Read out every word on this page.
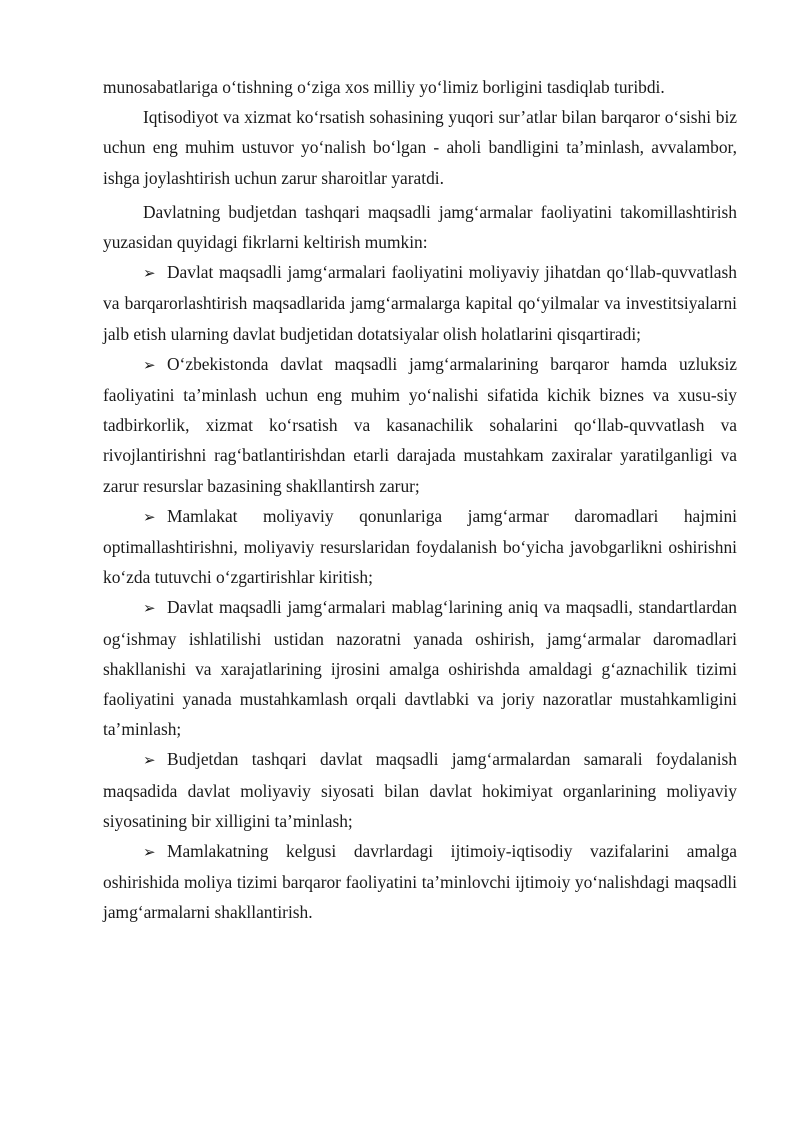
munosabatlariga o‘tishning o‘ziga xos milliy yo‘limiz borligini tasdiqlab turibdi.

Iqtisodiyot va xizmat ko‘rsatish sohasining yuqori sur’atlar bilan barqaror o‘sishi biz uchun eng muhim ustuvor yo‘nalish bo‘lgan - aholi bandligini ta’minlash, avvalambor, ishga joylashtirish uchun zarur sharoitlar yaratdi.

Davlatning budjetdan tashqari maqsadli jamg‘armalar faoliyatini takomillashtirish yuzasidan quyidagi fikrlarni keltirish mumkin:

➢ Davlat maqsadli jamg‘armalari faoliyatini moliyaviy jihatdan qo‘llab-quvvatlash va barqarorlashtirish maqsadlarida jamg‘armalarga kapital qo‘yilmalar va investitsiyalarni jalb etish ularning davlat budjetidan dotatsiyalar olish holatlarini qisqartiradi;

➢ O‘zbekistonda davlat maqsadli jamg‘armalarining barqaror hamda uzluksiz faoliyatini ta’minlash uchun eng muhim yo‘nalishi sifatida kichik biznes va xusu-siy tadbirkorlik, xizmat ko‘rsatish va kasanachilik sohalarini qo‘llab-quvvatlash va rivojlantirishni rag‘batlantirishdan etarli darajada mustahkam zaxiralar yaratilganligi va zarur resurslar bazasining shakllantirsh zarur;

➢ Mamlakat moliyaviy qonunlariga jamg‘armar daromadlari hajmini optimallashtirishni, moliyaviy resurslaridan foydalanish bo‘yicha javobgarlikni oshirishni ko‘zda tutuvchi o‘zgartirishlar kiritish;

➢ Davlat maqsadli jamg‘armalari mablag‘larining aniq va maqsadli, standartlardan og‘ishmay ishlatilishi ustidan nazoratni yanada oshirish, jamg‘armalar daromadlari shakllanishi va xarajatlarining ijrosini amalga oshirishda amaldagi g‘aznachilik tizimi faoliyatini yanada mustahkamlash orqali davtlabki va joriy nazoratlar mustahkamligini ta’minlash;

➢ Budjetdan tashqari davlat maqsadli jamg‘armalardan samarali foydalanish maqsadida davlat moliyaviy siyosati bilan davlat hokimiyat organlarining moliyaviy siyosatining bir xilligini ta’minlash;

➢ Mamlakatning kelgusi davrlardagi ijtimoiy-iqtisodiy vazifalarini amalga oshirishida moliya tizimi barqaror faoliyatini ta’minlovchi ijtimoiy yo‘nalishdagi maqsadli jamg‘armalarni shakllantirish.
